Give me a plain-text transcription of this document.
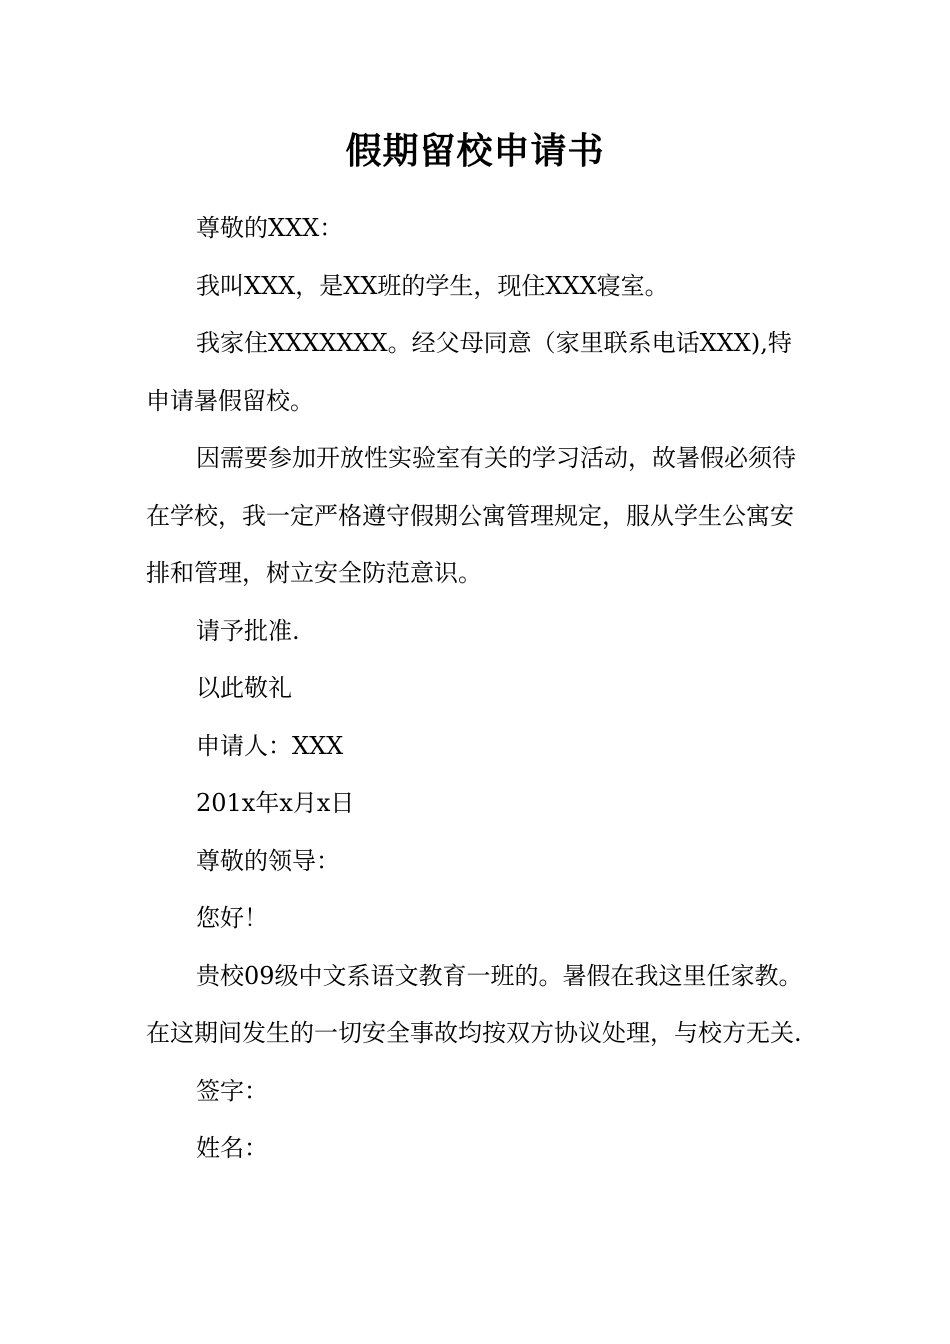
假期留校申请书

尊敬的XXX：

我叫XXX，是XX班的学生，现住XXX寝室。

我家住XXXXXXX。经父母同意（家里联系电话XXX),特申请暑假留校。

因需要参加开放性实验室有关的学习活动，故暑假必须待在学校，我一定严格遵守假期公寓管理规定，服从学生公寓安排和管理，树立安全防范意识。

请予批准.

以此敬礼

申请人：XXX

201x年x月x日

尊敬的领导：

您好！

贵校09级中文系语文教育一班的。暑假在我这里任家教。在这期间发生的一切安全事故均按双方协议处理，与校方无关.

签字：

姓名：
